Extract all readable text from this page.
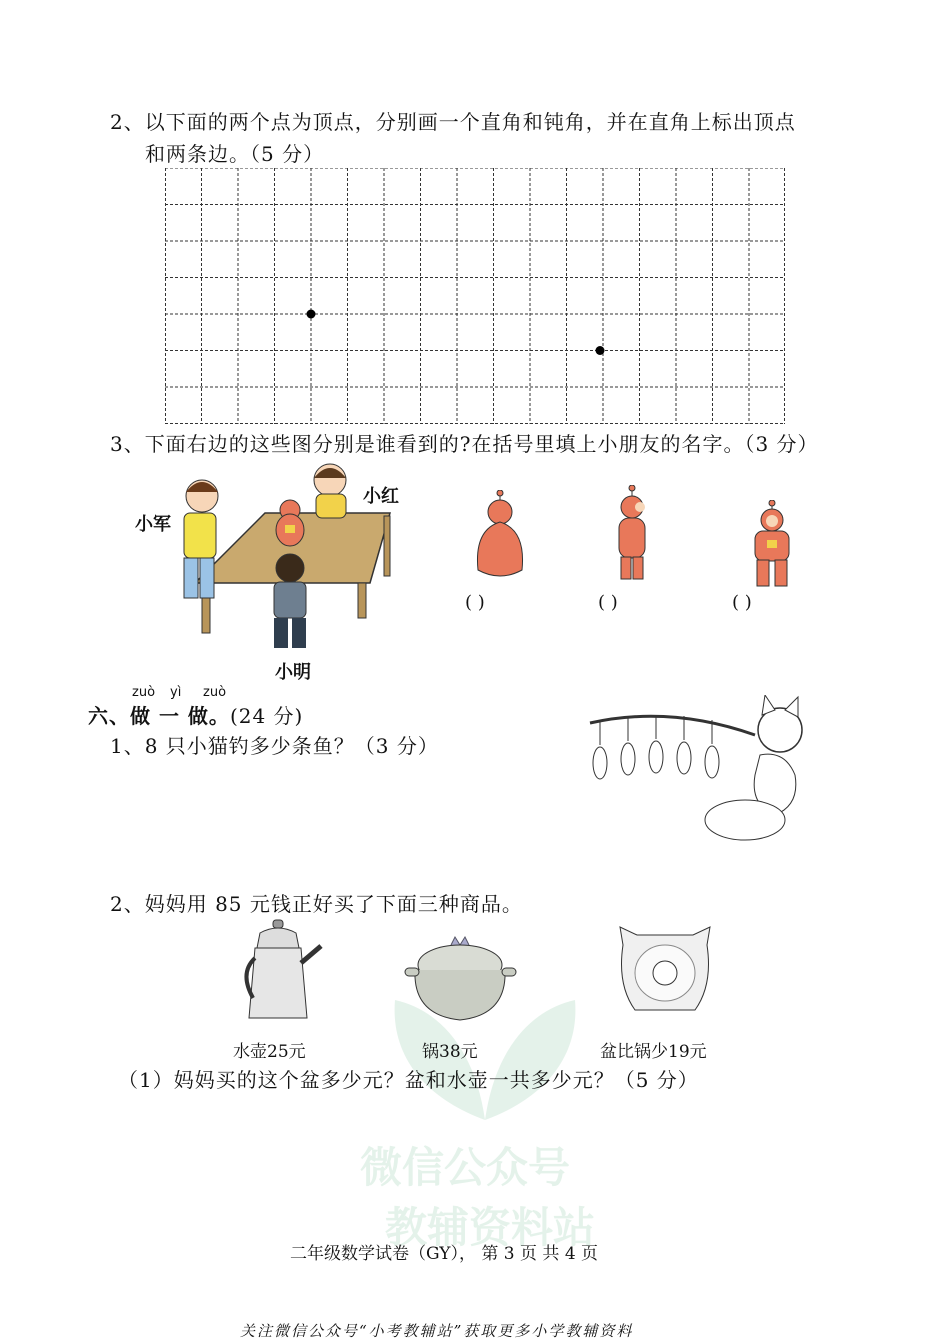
微信公众号
教辅资料站
2、以下面的两个点为顶点，分别画一个直角和钝角，并在直角上标出顶点
和两条边。（5 分）
3、下面右边的这些图分别是谁看到的?在括号里填上小朋友的名字。（3 分）
小军
小红
小明
( )	( )	( )
zuò yì zuò
六、做 一 做。(24 分)
1、8 只小猫钓多少条鱼？（3 分）
2、妈妈用 85 元钱正好买了下面三种商品。
水壶25元	锅38元	盆比锅少19元
（1）妈妈买的这个盆多少元？盆和水壶一共多少元？（5 分）
二年级数学试卷（GY）， 第 3 页 共 4 页
关注微信公众号“小考教辅站”获取更多小学教辅资料
